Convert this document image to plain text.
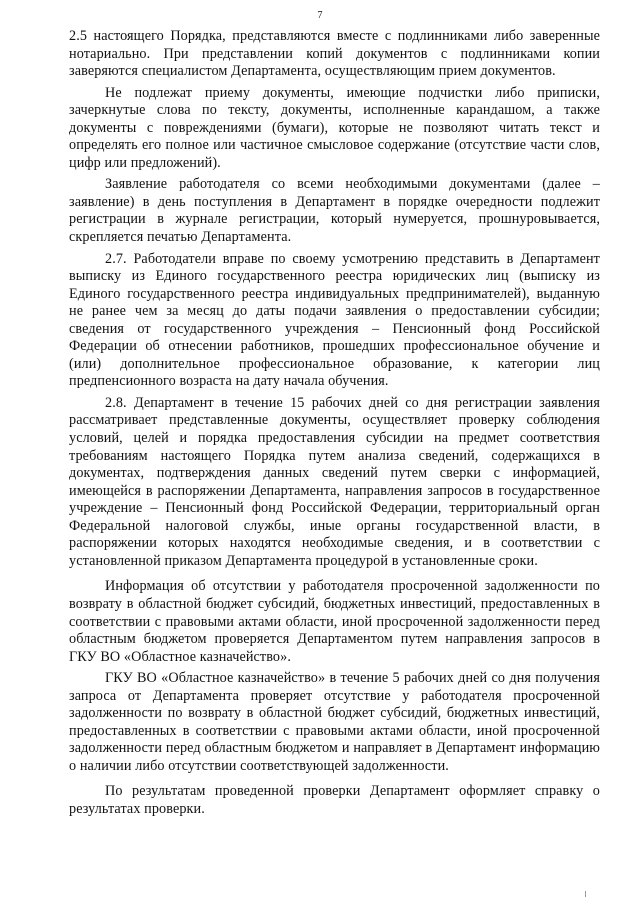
7

2.5 настоящего Порядка, представляются вместе с подлинниками либо заверенные нотариально. При представлении копий документов с подлинниками копии заверяются специалистом Департамента, осуществляющим прием документов.

Не подлежат приему документы, имеющие подчистки либо приписки, зачеркнутые слова по тексту, документы, исполненные карандашом, а также документы с повреждениями (бумаги), которые не позволяют читать текст и определять его полное или частичное смысловое содержание (отсутствие части слов, цифр или предложений).

Заявление работодателя со всеми необходимыми документами (далее – заявление) в день поступления в Департамент в порядке очередности подлежит регистрации в журнале регистрации, который нумеруется, прошнуровывается, скрепляется печатью Департамента.

2.7. Работодатели вправе по своему усмотрению представить в Департамент выписку из Единого государственного реестра юридических лиц (выписку из Единого государственного реестра индивидуальных предпринимателей), выданную не ранее чем за месяц до даты подачи заявления о предоставлении субсидии; сведения от государственного учреждения – Пенсионный фонд Российской Федерации об отнесении работников, прошедших профессиональное обучение и (или) дополнительное профессиональное образование, к категории лиц предпенсионного возраста на дату начала обучения.

2.8. Департамент в течение 15 рабочих дней со дня регистрации заявления рассматривает представленные документы, осуществляет проверку соблюдения условий, целей и порядка предоставления субсидии на предмет соответствия требованиям настоящего Порядка путем анализа сведений, содержащихся в документах, подтверждения данных сведений путем сверки с информацией, имеющейся в распоряжении Департамента, направления запросов в государственное учреждение – Пенсионный фонд Российской Федерации, территориальный орган Федеральной налоговой службы, иные органы государственной власти, в распоряжении которых находятся необходимые сведения, и в соответствии с установленной приказом Департамента процедурой в установленные сроки.

Информация об отсутствии у работодателя просроченной задолженности по возврату в областной бюджет субсидий, бюджетных инвестиций, предоставленных в соответствии с правовыми актами области, иной просроченной задолженности перед областным бюджетом проверяется Департаментом путем направления запросов в ГКУ ВО «Областное казначейство».

ГКУ ВО «Областное казначейство» в течение 5 рабочих дней со дня получения запроса от Департамента проверяет отсутствие у работодателя просроченной задолженности по возврату в областной бюджет субсидий, бюджетных инвестиций, предоставленных в соответствии с правовыми актами области, иной просроченной задолженности перед областным бюджетом и направляет в Департамент информацию о наличии либо отсутствии соответствующей задолженности.

По результатам проведенной проверки Департамент оформляет справку о результатах проверки.
